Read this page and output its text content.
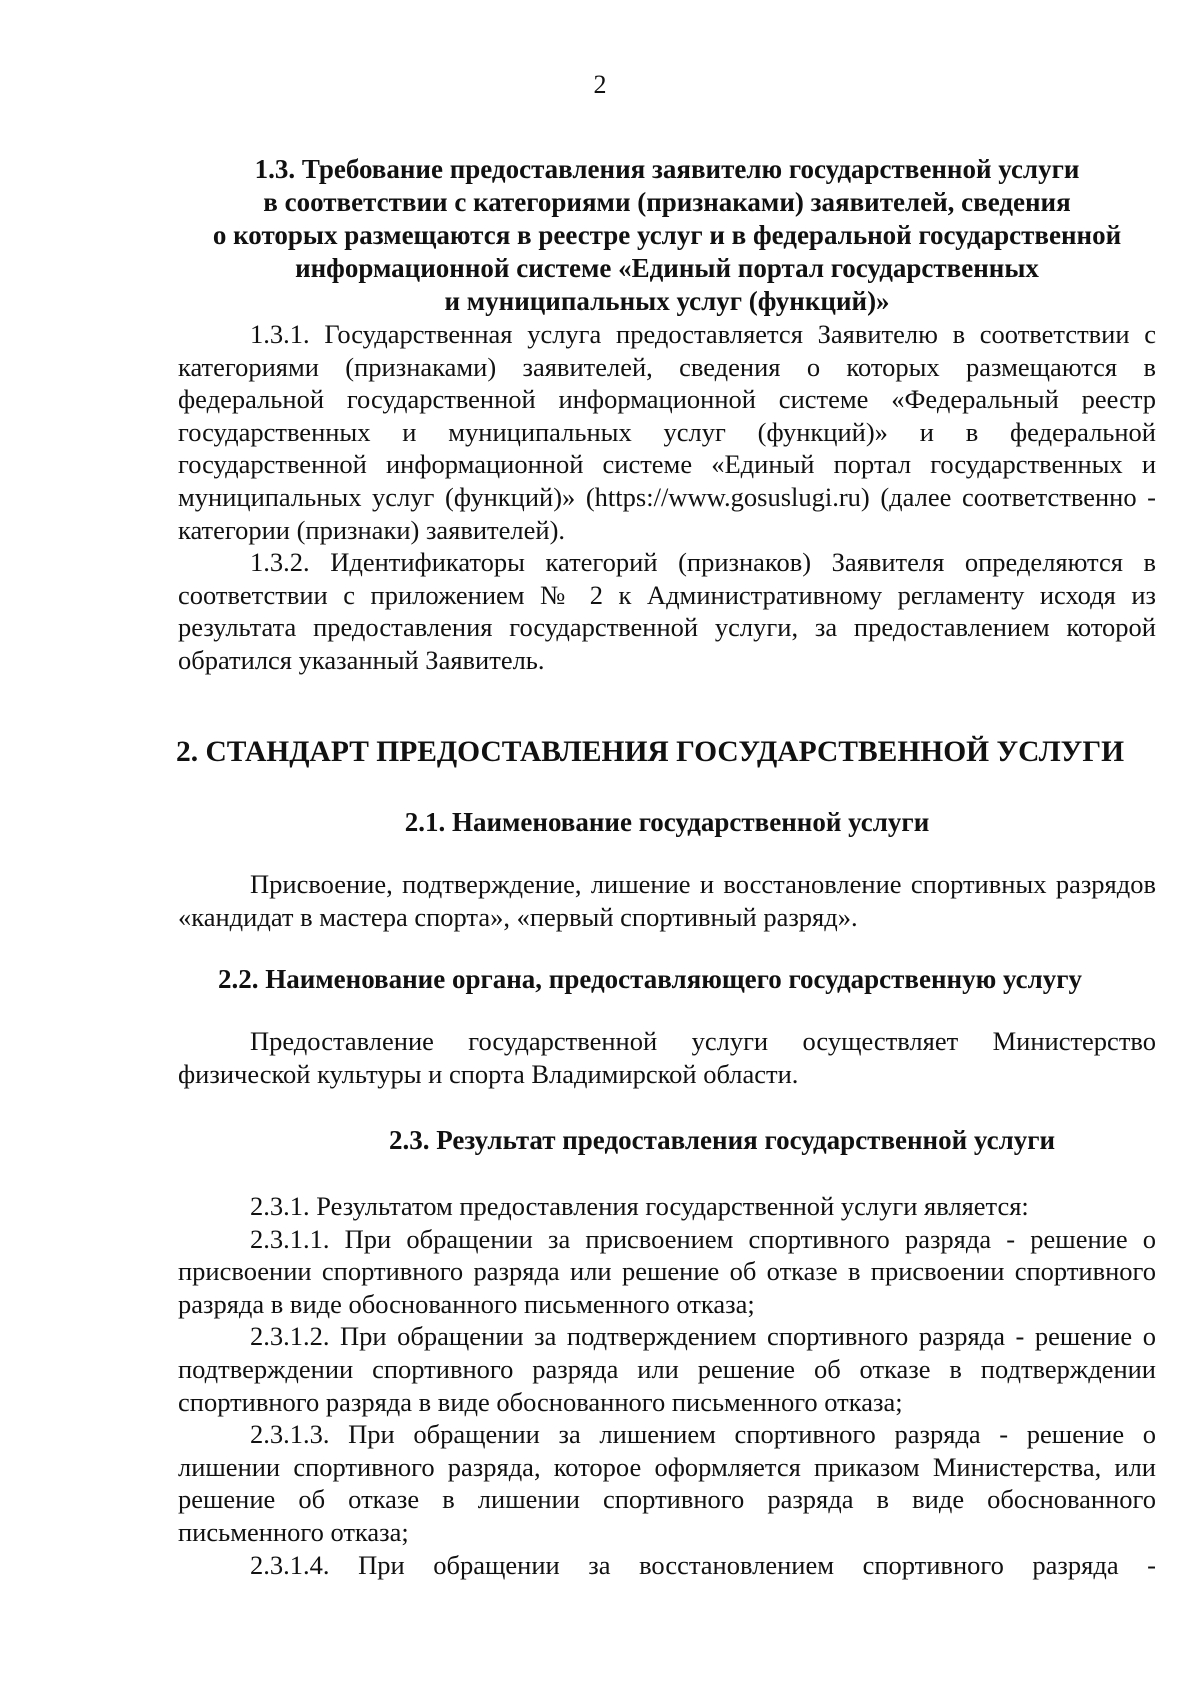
2

1.3. Требование предоставления заявителю государственной услуги

в соответствии с категориями (признаками) заявителей, сведения

о которых размещаются в реестре услуг и в федеральной государственной

информационной системе «Единый портал государственных

и муниципальных услуг (функций)»

1.3.1. Государственная услуга предоставляется Заявителю в соответствии с категориями (признаками) заявителей, сведения о которых размещаются в федеральной государственной информационной системе «Федеральный реестр государственных и муниципальных услуг (функций)» и в федеральной государственной информационной системе «Единый портал государственных и муниципальных услуг (функций)» (https://www.gosuslugi.ru) (далее соответственно - категории (признаки) заявителей).

1.3.2. Идентификаторы категорий (признаков) Заявителя определяются в соответствии с приложением № 2 к Административному регламенту исходя из результата предоставления государственной услуги, за предоставлением которой обратился указанный Заявитель.

2. СТАНДАРТ ПРЕДОСТАВЛЕНИЯ ГОСУДАРСТВЕННОЙ УСЛУГИ

2.1. Наименование государственной услуги

Присвоение, подтверждение, лишение и восстановление спортивных разрядов «кандидат в мастера спорта», «первый спортивный разряд».

2.2. Наименование органа, предоставляющего государственную услугу

Предоставление государственной услуги осуществляет Министерство физической культуры и спорта Владимирской области.

2.3. Результат предоставления государственной услуги

2.3.1. Результатом предоставления государственной услуги является:

2.3.1.1. При обращении за присвоением спортивного разряда - решение о присвоении спортивного разряда или решение об отказе в присвоении спортивного разряда в виде обоснованного письменного отказа;

2.3.1.2. При обращении за подтверждением спортивного разряда - решение о подтверждении спортивного разряда или решение об отказе в подтверждении спортивного разряда в виде обоснованного письменного отказа;

2.3.1.3. При обращении за лишением спортивного разряда - решение о лишении спортивного разряда, которое оформляется приказом Министерства, или решение об отказе в лишении спортивного разряда в виде обоснованного письменного отказа;

2.3.1.4. При обращении за восстановлением спортивного разряда -
